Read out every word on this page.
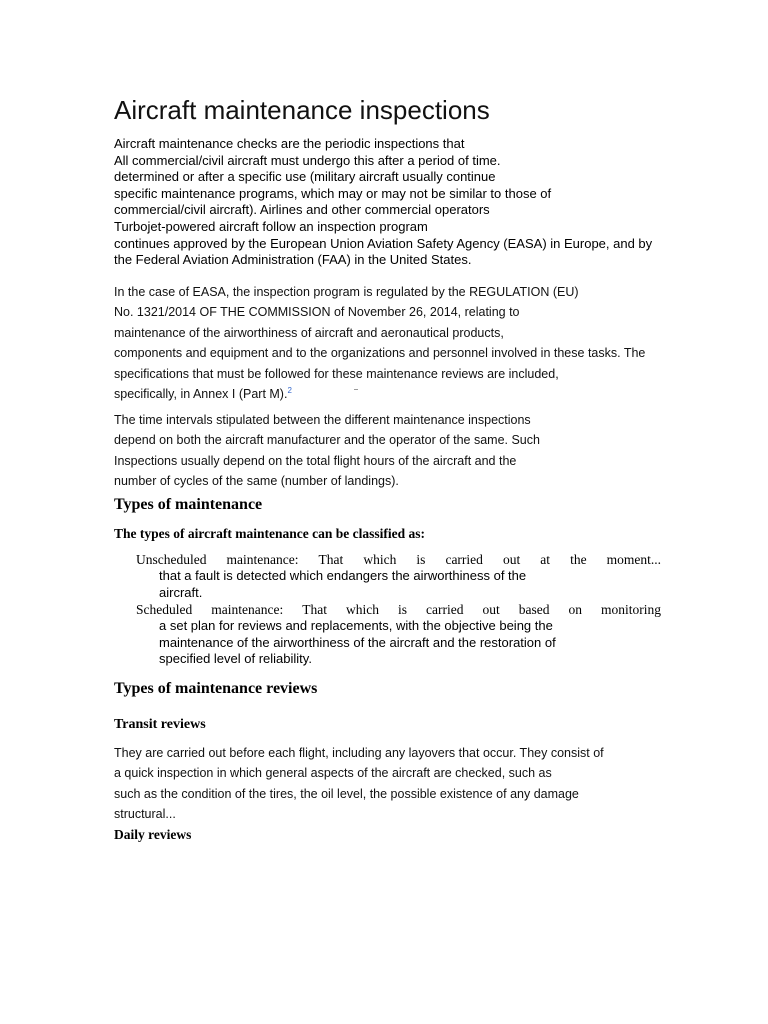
Aircraft maintenance inspections
Aircraft maintenance checks are the periodic inspections that
All commercial/civil aircraft must undergo this after a period of time.
determined or after a specific use (military aircraft usually continue
specific maintenance programs, which may or may not be similar to those of
commercial/civil aircraft). Airlines and other commercial operators
Turbojet-powered aircraft follow an inspection program
continues approved by the European Union Aviation Safety Agency (EASA) in Europe, and by
the Federal Aviation Administration (FAA) in the United States.
In the case of EASA, the inspection program is regulated by the REGULATION (EU)
No. 1321/2014 OF THE COMMISSION of November 26, 2014, relating to
maintenance of the airworthiness of aircraft and aeronautical products,
components and equipment and to the organizations and personnel involved in these tasks. The
specifications that must be followed for these maintenance reviews are included,
specifically, in Annex I (Part M).$^2$
The time intervals stipulated between the different maintenance inspections
depend on both the aircraft manufacturer and the operator of the same. Such
Inspections usually depend on the total flight hours of the aircraft and the
number of cycles of the same (number of landings).
Types of maintenance
The types of aircraft maintenance can be classified as:
Unscheduled maintenance: That which is carried out at the moment...
that a fault is detected which endangers the airworthiness of the
aircraft.
Scheduled maintenance: That which is carried out based on monitoring
a set plan for reviews and replacements, with the objective being the
maintenance of the airworthiness of the aircraft and the restoration of
specified level of reliability.
Types of maintenance reviews
Transit reviews
They are carried out before each flight, including any layovers that occur. They consist of
a quick inspection in which general aspects of the aircraft are checked, such as
such as the condition of the tires, the oil level, the possible existence of any damage
structural...
Daily reviews
